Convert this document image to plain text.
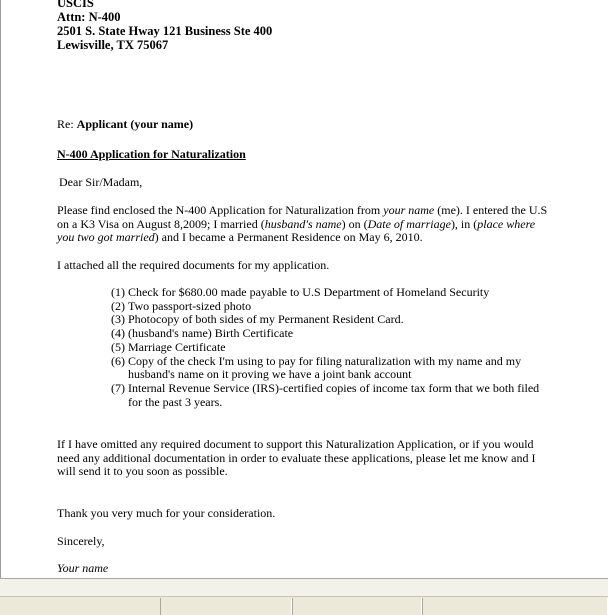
USCIS
Attn: N-400
2501 S. State Hway 121 Business Ste 400
Lewisville, TX 75067
Re: Applicant (your name)
N-400 Application for Naturalization
Dear Sir/Madam,
Please find enclosed the N-400 Application for Naturalization from your name (me). I entered the U.S on a K3 Visa on August 8,2009; I married (husband's name) on (Date of marriage), in (place where you two got married) and I became a Permanent Residence on May 6, 2010.
I attached all the required documents for my application.
(1) Check for $680.00 made payable to U.S Department of Homeland Security
(2) Two passport-sized photo
(3) Photocopy of both sides of my Permanent Resident Card.
(4) (husband's name) Birth Certificate
(5) Marriage Certificate
(6) Copy of the check I'm using to pay for filing naturalization with my name and my husband's name on it proving we have a joint bank account
(7) Internal Revenue Service (IRS)-certified copies of income tax form that we both filed for the past 3 years.
If I have omitted any required document to support this Naturalization Application, or if you would need any additional documentation in order to evaluate these applications, please let me know and I will send it to you soon as possible.
Thank you very much for your consideration.
Sincerely,
Your name
